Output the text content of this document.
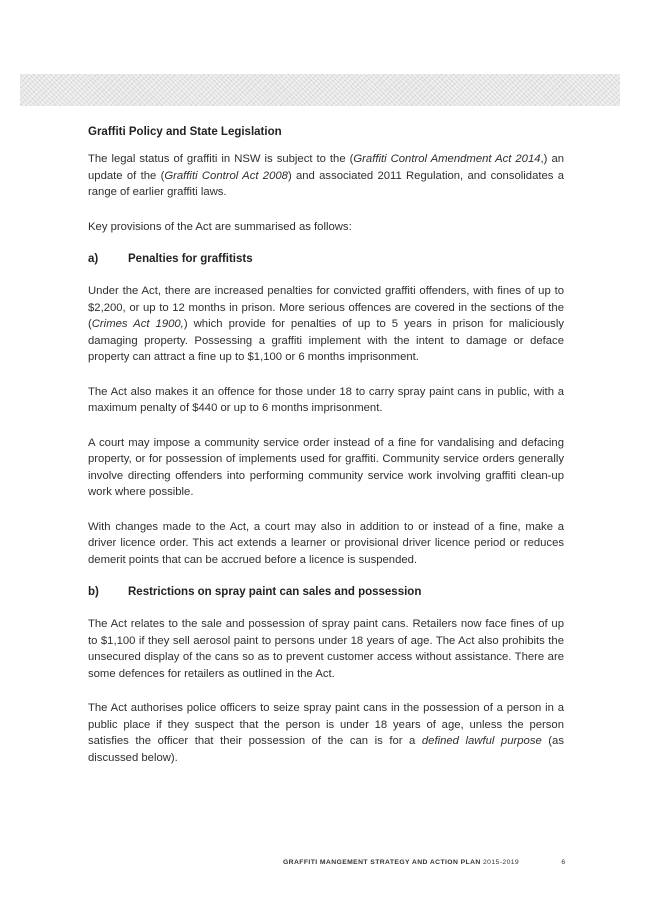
Graffiti Policy and State Legislation

The legal status of graffiti in NSW is subject to the (Graffiti Control Amendment Act 2014,) an update of the (Graffiti Control Act 2008) and associated 2011 Regulation, and consolidates a range of earlier graffiti laws.

Key provisions of the Act are summarised as follows:

a)	Penalties for graffitists

Under the Act, there are increased penalties for convicted graffiti offenders, with fines of up to $2,200, or up to 12 months in prison. More serious offences are covered in the sections of the (Crimes Act 1900,) which provide for penalties of up to 5 years in prison for maliciously damaging property. Possessing a graffiti implement with the intent to damage or deface property can attract a fine up to $1,100 or 6 months imprisonment.

The Act also makes it an offence for those under 18 to carry spray paint cans in public, with a maximum penalty of $440 or up to 6 months imprisonment.

A court may impose a community service order instead of a fine for vandalising and defacing property, or for possession of implements used for graffiti. Community service orders generally involve directing offenders into performing community service work involving graffiti clean-up work where possible.

With changes made to the Act, a court may also in addition to or instead of a fine, make a driver licence order. This act extends a learner or provisional driver licence period or reduces demerit points that can be accrued before a licence is suspended.

b)	Restrictions on spray paint can sales and possession

The Act relates to the sale and possession of spray paint cans. Retailers now face fines of up to $1,100 if they sell aerosol paint to persons under 18 years of age. The Act also prohibits the unsecured display of the cans so as to prevent customer access without assistance. There are some defences for retailers as outlined in the Act.

The Act authorises police officers to seize spray paint cans in the possession of a person in a public place if they suspect that the person is under 18 years of age, unless the person satisfies the officer that their possession of the can is for a defined lawful purpose (as discussed below).

GRAFFITI MANGEMENT STRATEGY AND ACTION PLAN 2015-2019	6
